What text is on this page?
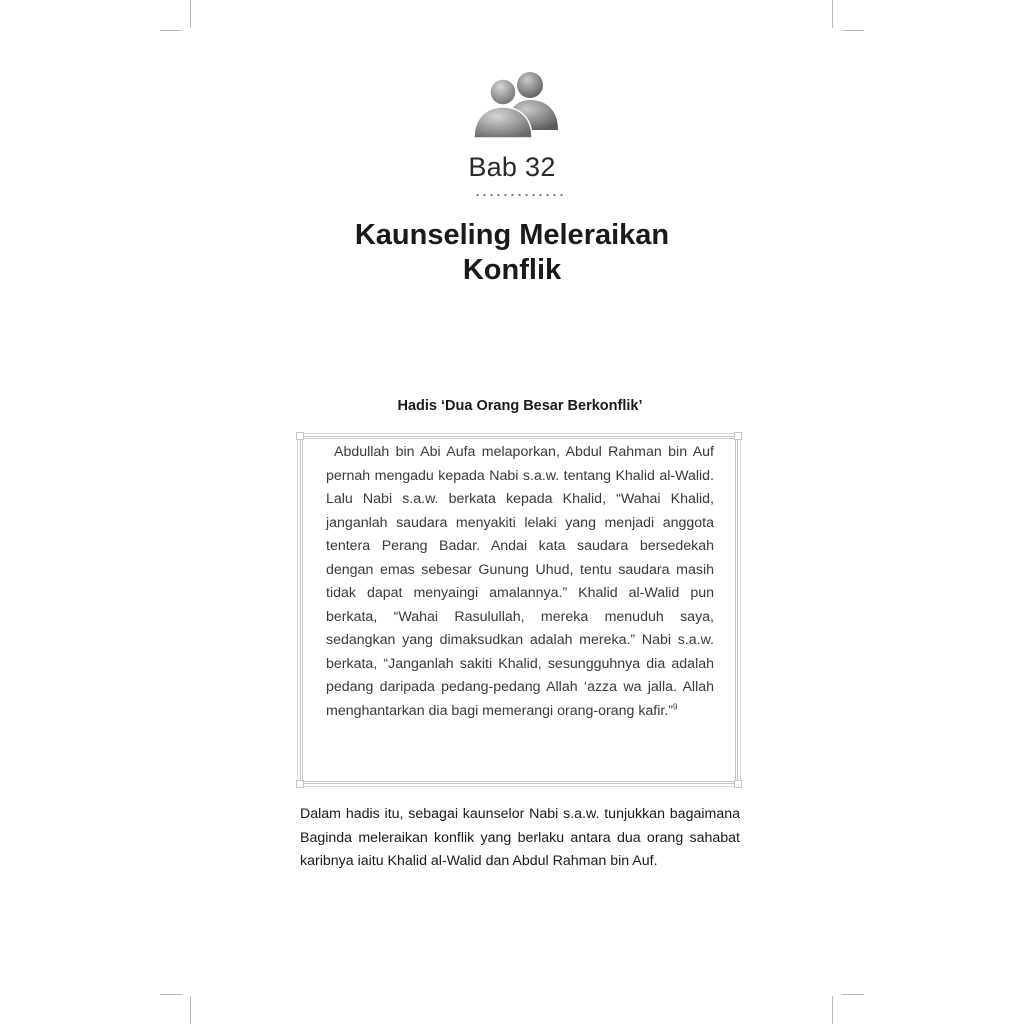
Bab 32
Kaunseling Meleraikan
Konflik
Hadis ‘Dua Orang Besar Berkonflik’
Abdullah bin Abi Aufa melaporkan, Abdul Rahman bin Auf pernah mengadu kepada Nabi s.a.w. tentang Khalid al-Walid. Lalu Nabi s.a.w. berkata kepada Khalid, “Wahai Khalid, janganlah saudara menyakiti lelaki yang menjadi anggota tentera Perang Badar. Andai kata saudara bersedekah dengan emas sebesar Gunung Uhud, tentu saudara masih tidak dapat menyaingi amalannya.” Khalid al-Walid pun berkata, “Wahai Rasulullah, mereka menuduh saya, sedangkan yang dimaksudkan adalah mereka.” Nabi s.a.w. berkata, “Janganlah sakiti Khalid, sesungguhnya dia adalah pedang daripada pedang-pedang Allah ‘azza wa jalla. Allah menghantarkan dia bagi memerangi orang-orang kafir.”$^9$
Dalam hadis itu, sebagai kaunselor Nabi s.a.w. tunjukkan bagaimana Baginda meleraikan konflik yang berlaku antara dua orang sahabat karibnya iaitu Khalid al-Walid dan Abdul Rahman bin Auf.
